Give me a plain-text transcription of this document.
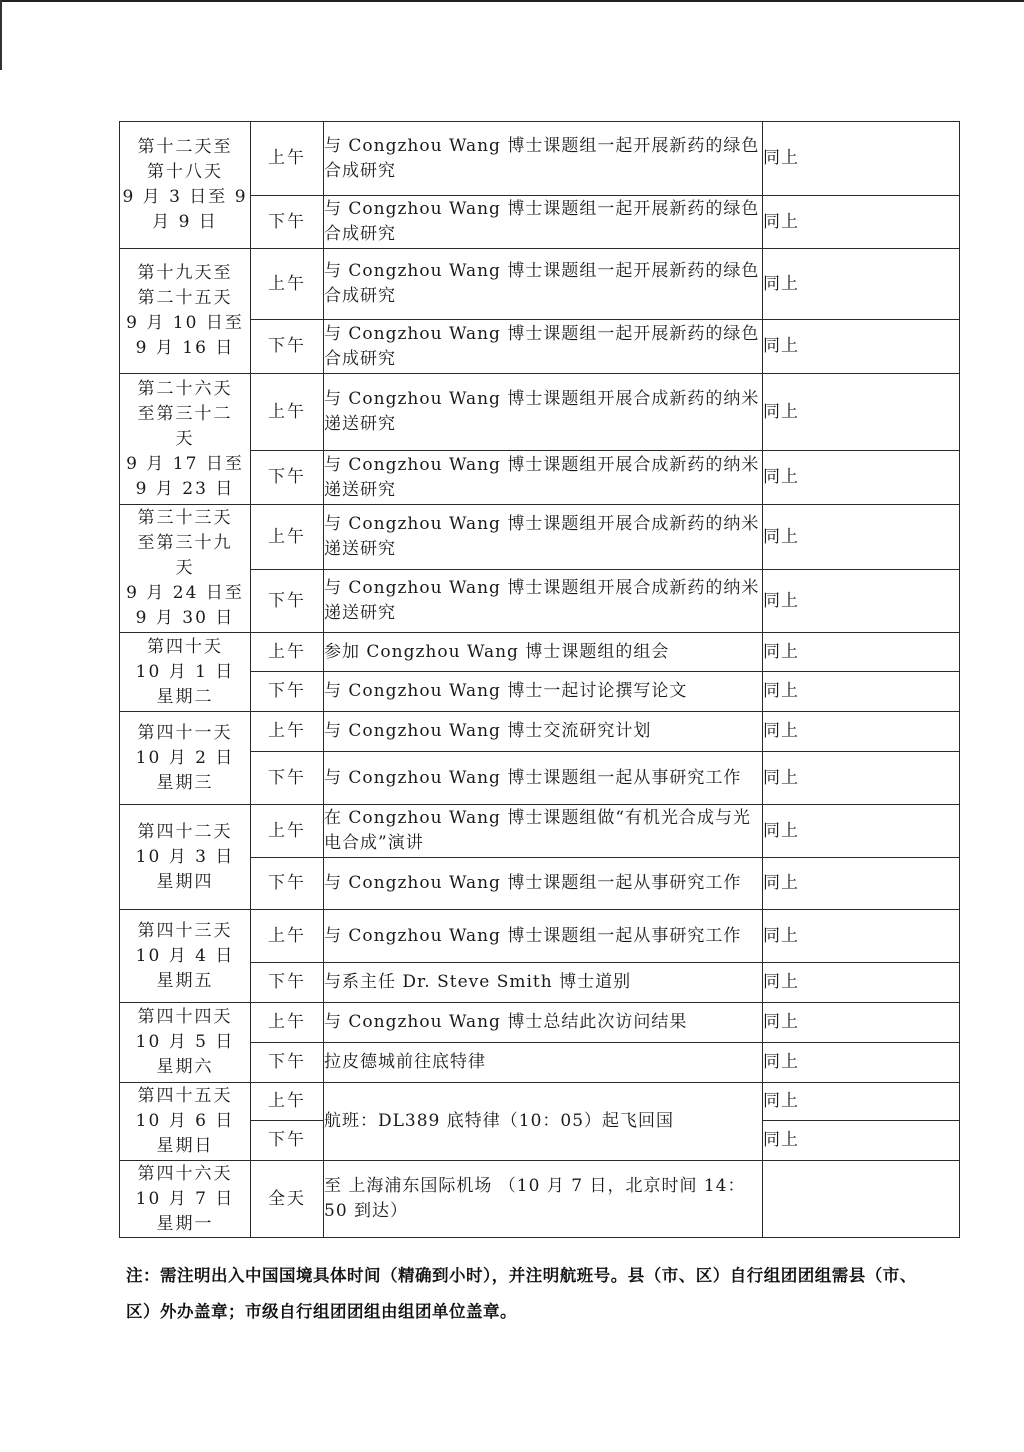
第十二天至
第十八天
9 月 3 日至 9
月 9 日	上午	与 Congzhou Wang 博士课题组一起开展新药的绿色合成研究	同上
	下午	与 Congzhou Wang 博士课题组一起开展新药的绿色合成研究	同上

第十九天至
第二十五天
9 月 10 日至
9 月 16 日	上午	与 Congzhou Wang 博士课题组一起开展新药的绿色合成研究	同上
	下午	与 Congzhou Wang 博士课题组一起开展新药的绿色合成研究	同上

第二十六天
至第三十二
天
9 月 17 日至
9 月 23 日	上午	与 Congzhou Wang 博士课题组开展合成新药的纳米递送研究	同上
	下午	与 Congzhou Wang 博士课题组开展合成新药的纳米递送研究	同上

第三十三天
至第三十九
天
9 月 24 日至
9 月 30 日	上午	与 Congzhou Wang 博士课题组开展合成新药的纳米递送研究	同上
	下午	与 Congzhou Wang 博士课题组开展合成新药的纳米递送研究	同上

第四十天
10 月 1 日
星期二	上午	参加 Congzhou Wang 博士课题组的组会	同上
	下午	与 Congzhou Wang 博士一起讨论撰写论文	同上

第四十一天
10 月 2 日
星期三	上午	与 Congzhou Wang 博士交流研究计划	同上
	下午	与 Congzhou Wang 博士课题组一起从事研究工作	同上

第四十二天
10 月 3 日
星期四	上午	在 Congzhou Wang 博士课题组做“有机光合成与光电合成”演讲	同上
	下午	与 Congzhou Wang 博士课题组一起从事研究工作	同上

第四十三天
10 月 4 日
星期五	上午	与 Congzhou Wang 博士课题组一起从事研究工作	同上
	下午	与系主任 Dr. Steve Smith 博士道别	同上

第四十四天
10 月 5 日
星期六	上午	与 Congzhou Wang 博士总结此次访问结果	同上
	下午	拉皮德城前往底特律	同上

第四十五天
10 月 6 日
星期日	上午	航班：DL389 底特律（10：05）起飞回国	同上
	下午		同上

第四十六天
10 月 7 日
星期一	全天	至 上海浦东国际机场 （10 月 7 日，北京时间 14：50 到达）	
注：需注明出入中国国境具体时间（精确到小时），并注明航班号。县（市、区）自行组团团组需县（市、区）外办盖章；市级自行组团团组由组团单位盖章。
